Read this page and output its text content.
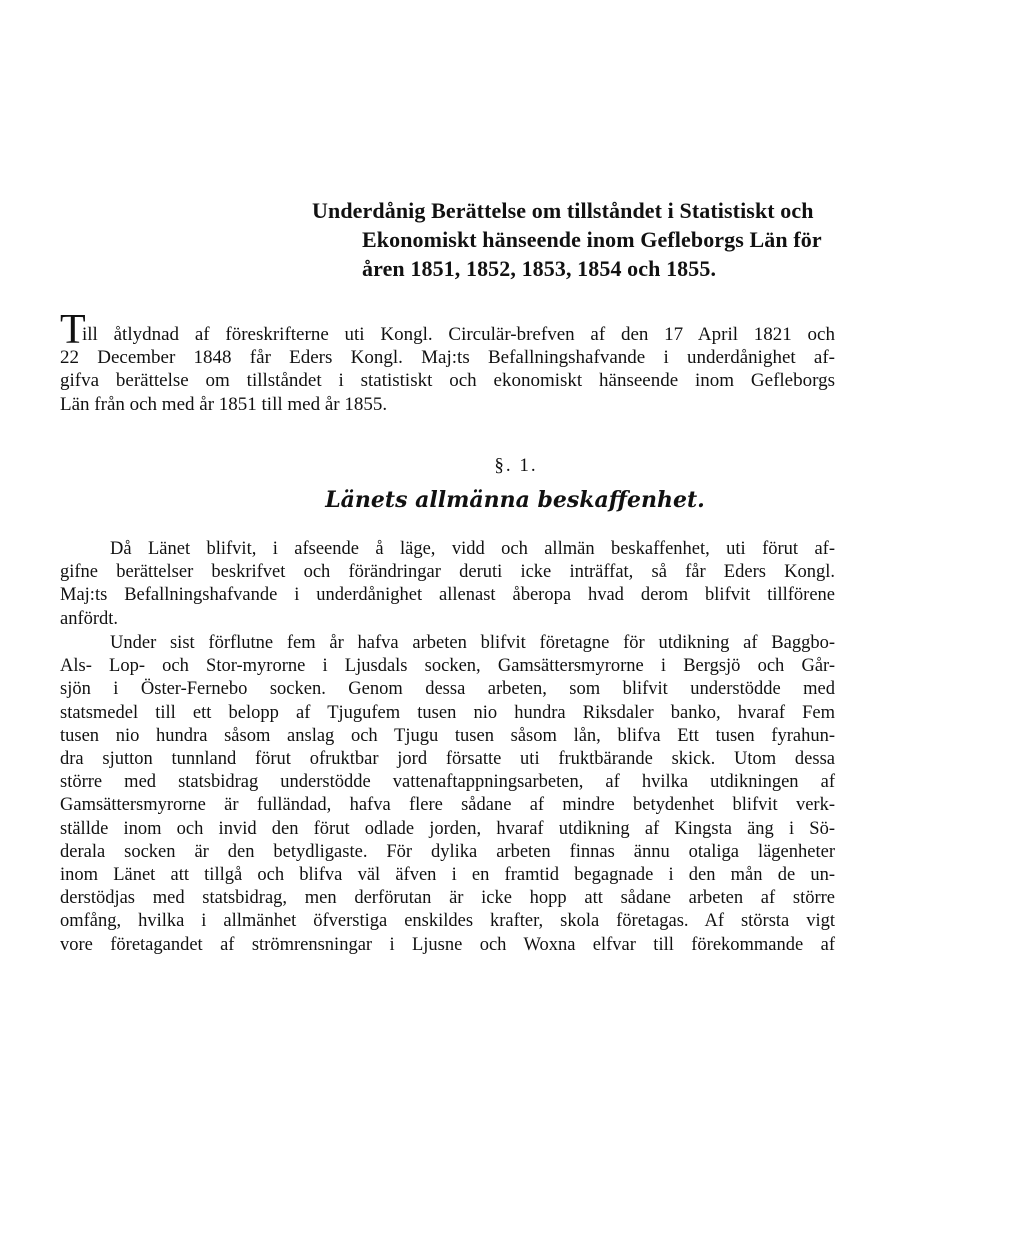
Underdånig Berättelse om tillståndet i Statistiskt och
Ekonomiskt hänseende inom Gefleborgs Län för
åren 1851, 1852, 1853, 1854 och 1855.
T
ill åtlydnad af föreskrifterne uti Kongl. Circulär-brefven af den 17 April 1821 och
22 December 1848 får Eders Kongl. Maj:ts Befallningshafvande i underdånighet af-
gifva berättelse om tillståndet i statistiskt och ekonomiskt hänseende inom Gefleborgs
Län från och med år 1851 till med år 1855.
§. 1.
Länets allmänna beskaffenhet.
Då Länet blifvit, i afseende å läge, vidd och allmän beskaffenhet, uti förut af-
gifne berättelser beskrifvet och förändringar deruti icke inträffat, så får Eders Kongl.
Maj:ts Befallningshafvande i underdånighet allenast åberopa hvad derom blifvit tillförene
anfördt.
Under sist förflutne fem år hafva arbeten blifvit företagne för utdikning af Baggbo-
Als- Lop- och Stor-myrorne i Ljusdals socken, Gamsättersmyrorne i Bergsjö och Går-
sjön i Öster-Fernebo socken. Genom dessa arbeten, som blifvit understödde med
statsmedel till ett belopp af Tjugufem tusen nio hundra Riksdaler banko, hvaraf Fem
tusen nio hundra såsom anslag och Tjugu tusen såsom lån, blifva Ett tusen fyrahun-
dra sjutton tunnland förut ofruktbar jord försatte uti fruktbärande skick. Utom dessa
större med statsbidrag understödde vattenaftappningsarbeten, af hvilka utdikningen af
Gamsättersmyrorne är fulländad, hafva flere sådane af mindre betydenhet blifvit verk-
ställde inom och invid den förut odlade jorden, hvaraf utdikning af Kingsta äng i Sö-
derala socken är den betydligaste. För dylika arbeten finnas ännu otaliga lägenheter
inom Länet att tillgå och blifva väl äfven i en framtid begagnade i den mån de un-
derstödjas med statsbidrag, men derförutan är icke hopp att sådane arbeten af större
omfång, hvilka i allmänhet öfverstiga enskildes krafter, skola företagas. Af största vigt
vore företagandet af strömrensningar i Ljusne och Woxna elfvar till förekommande af
